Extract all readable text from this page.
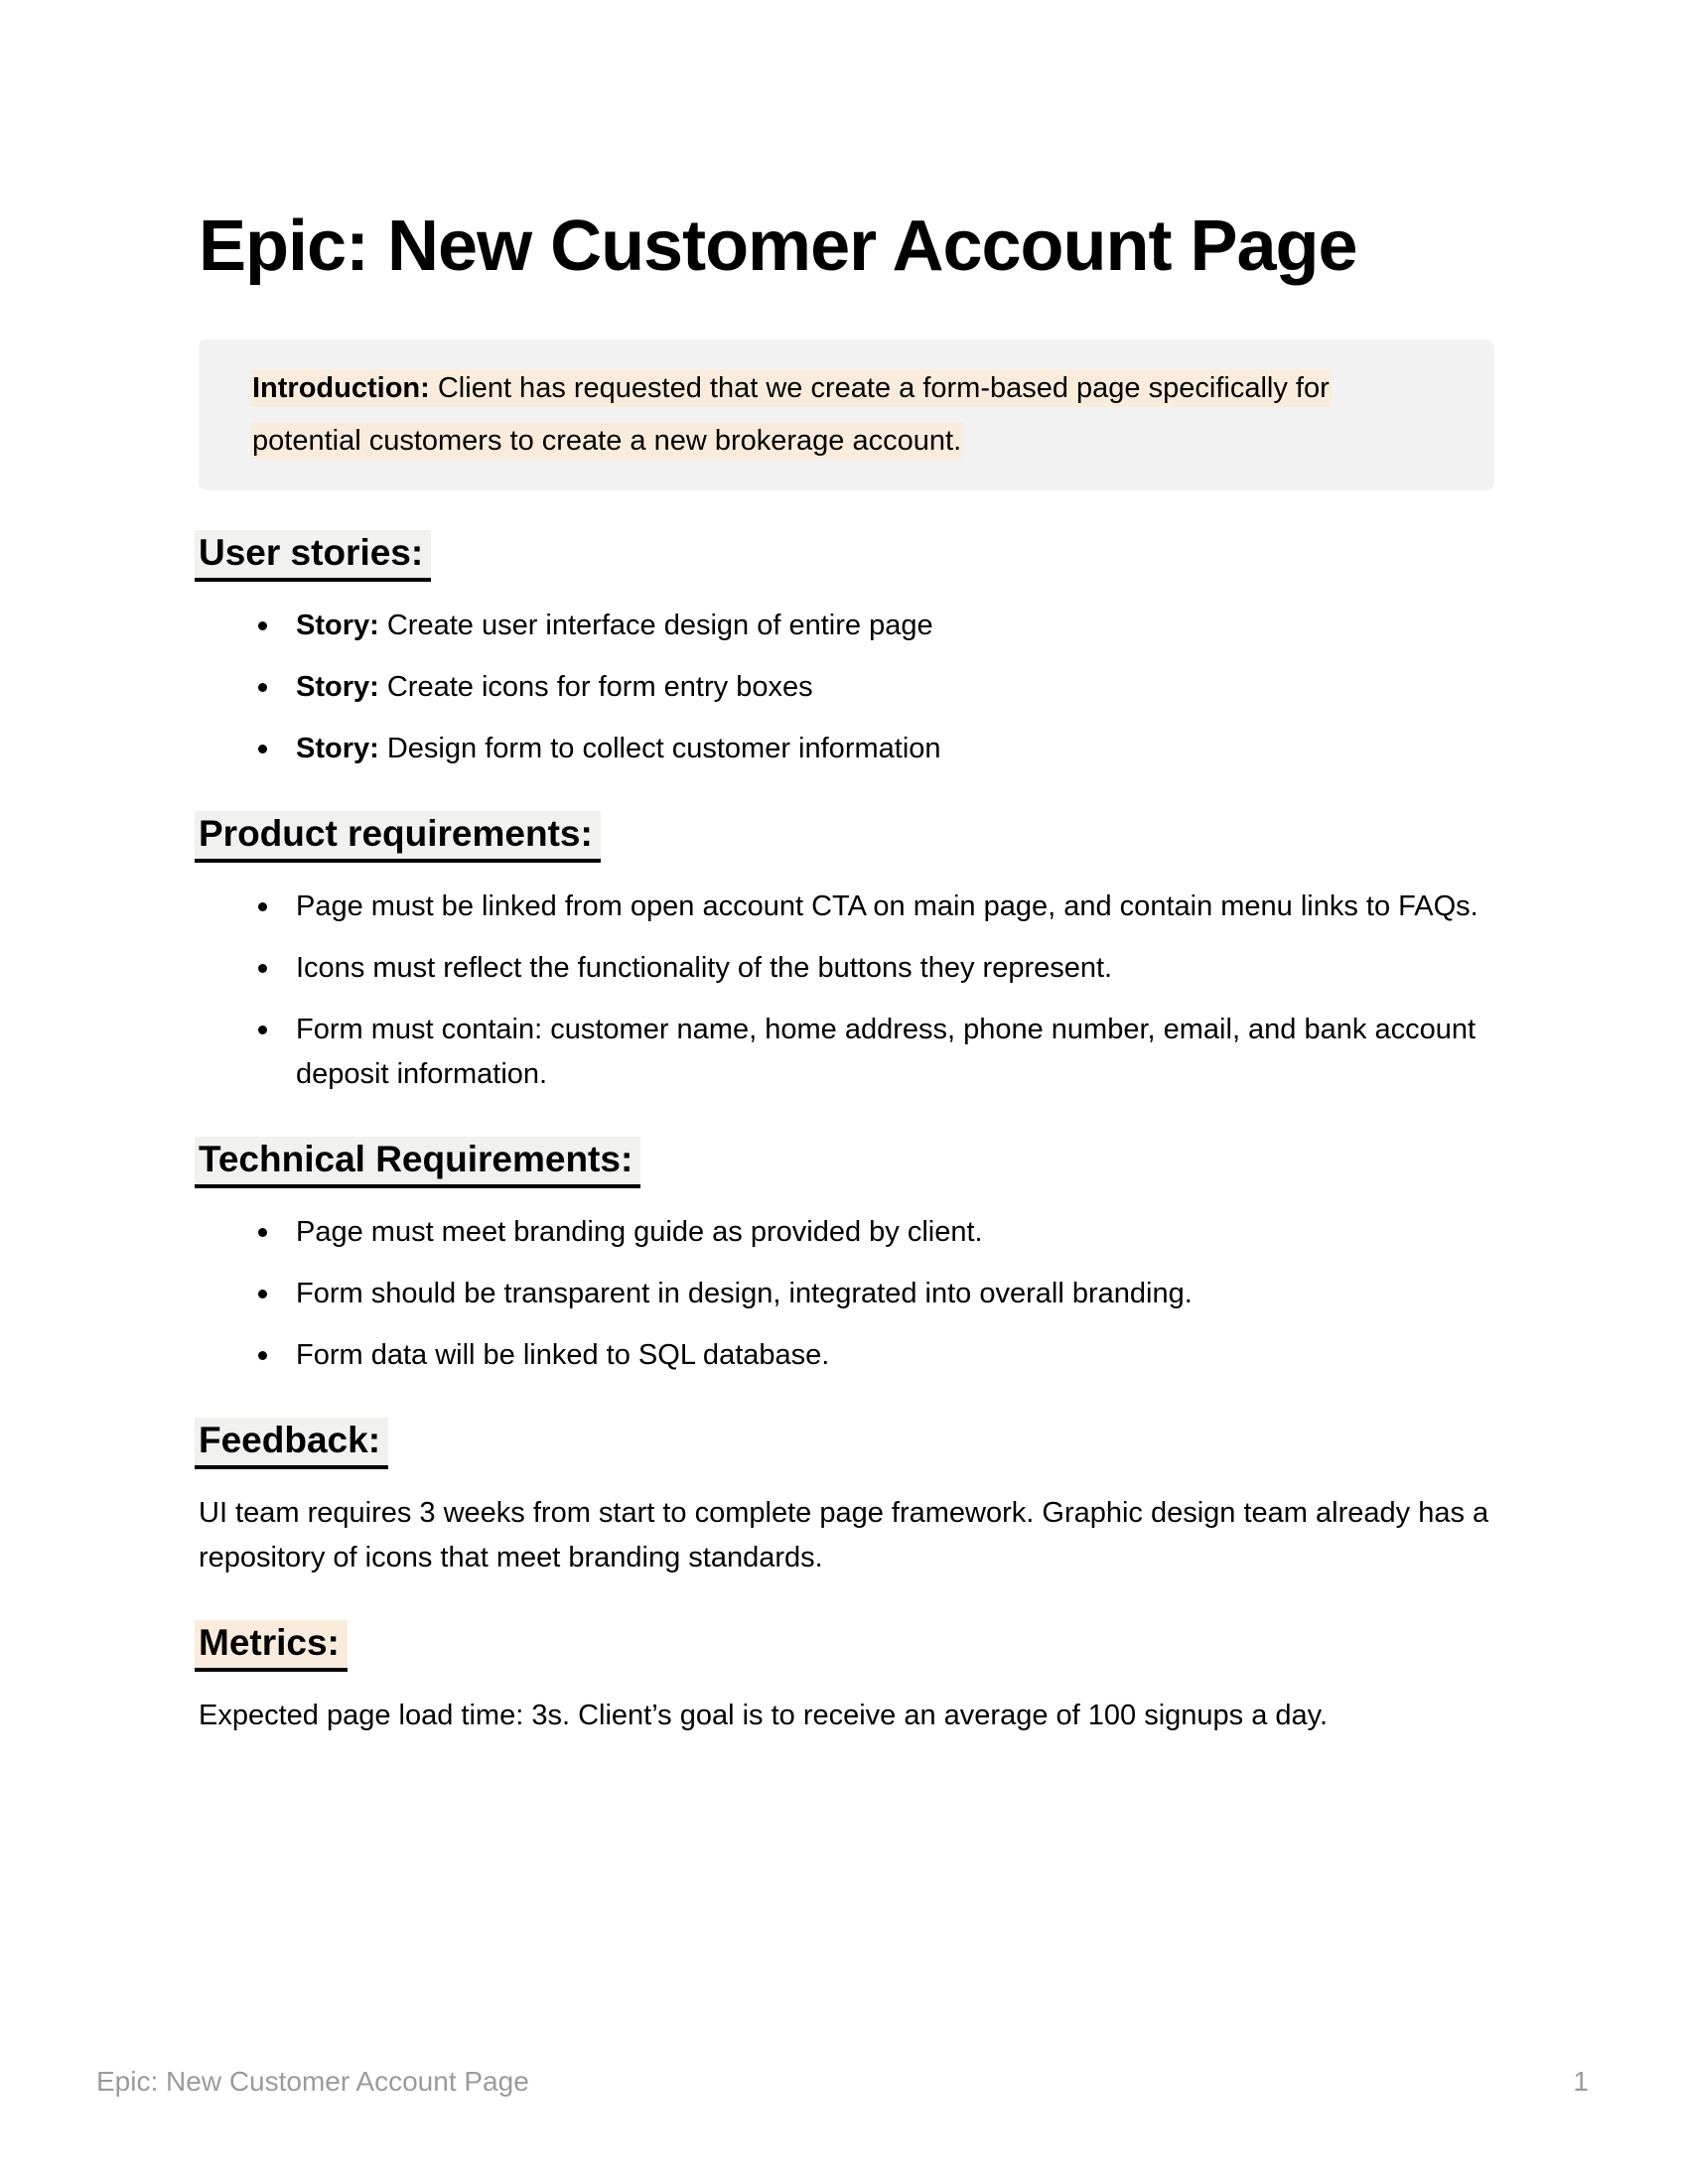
Epic: New Customer Account Page

Introduction: Client has requested that we create a form-based page specifically for potential customers to create a new brokerage account.

User stories:
Story: Create user interface design of entire page
Story: Create icons for form entry boxes
Story: Design form to collect customer information
Product requirements:
Page must be linked from open account CTA on main page, and contain menu links to FAQs.
Icons must reflect the functionality of the buttons they represent.
Form must contain: customer name, home address, phone number, email, and bank account deposit information.
Technical Requirements:
Page must meet branding guide as provided by client.
Form should be transparent in design, integrated into overall branding.
Form data will be linked to SQL database.
Feedback:

UI team requires 3 weeks from start to complete page framework. Graphic design team already has a repository of icons that meet branding standards.

Metrics:

Expected page load time: 3s. Client’s goal is to receive an average of 100 signups a day.

Epic: New Customer Account Page	1
